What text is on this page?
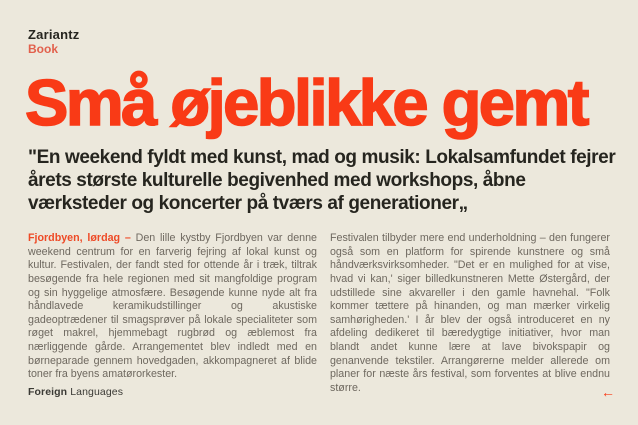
Zariantz
Book
Små øjeblikke gemt
"En weekend fyldt med kunst, mad og musik: Lokalsamfundet fejrer
årets største kulturelle begivenhed med workshops, åbne
værksteder og koncerter på tværs af generationer„

Fjordbyen, lørdag – Den lille kystby Fjordbyen var denne weekend centrum for en farverig fejring af lokal kunst og kultur. Festivalen, der fandt sted for ottende år i træk, tiltrak besøgende fra hele regionen med sit mangfoldige program og sin hyggelige atmosfære. Besøgende kunne nyde alt fra håndlavede keramikudstillinger og akustiske gadeoptrædener til smagsprøver på lokale specialiteter som røget makrel, hjemmebagt rugbrød og æblemost fra nærliggende gårde. Arrangementet blev indledt med en børneparade gennem hovedgaden, akkompagneret af blide toner fra byens amatørorkester.

Festivalen tilbyder mere end underholdning – den fungerer også som en platform for spirende kunstnere og små håndværksvirksomheder. "Det er en mulighed for at vise, hvad vi kan,' siger billedkunstneren Mette Østergård, der udstillede sine akvareller i den gamle havnehal. "Folk kommer tættere på hinanden, og man mærker virkelig samhørigheden.' I år blev der også introduceret en ny afdeling dedikeret til bæredygtige initiativer, hvor man blandt andet kunne lære at lave bivokspapir og genanvende tekstiler. Arrangørerne melder allerede om planer for næste års festival, som forventes at blive endnu større.

Foreign Languages	←
